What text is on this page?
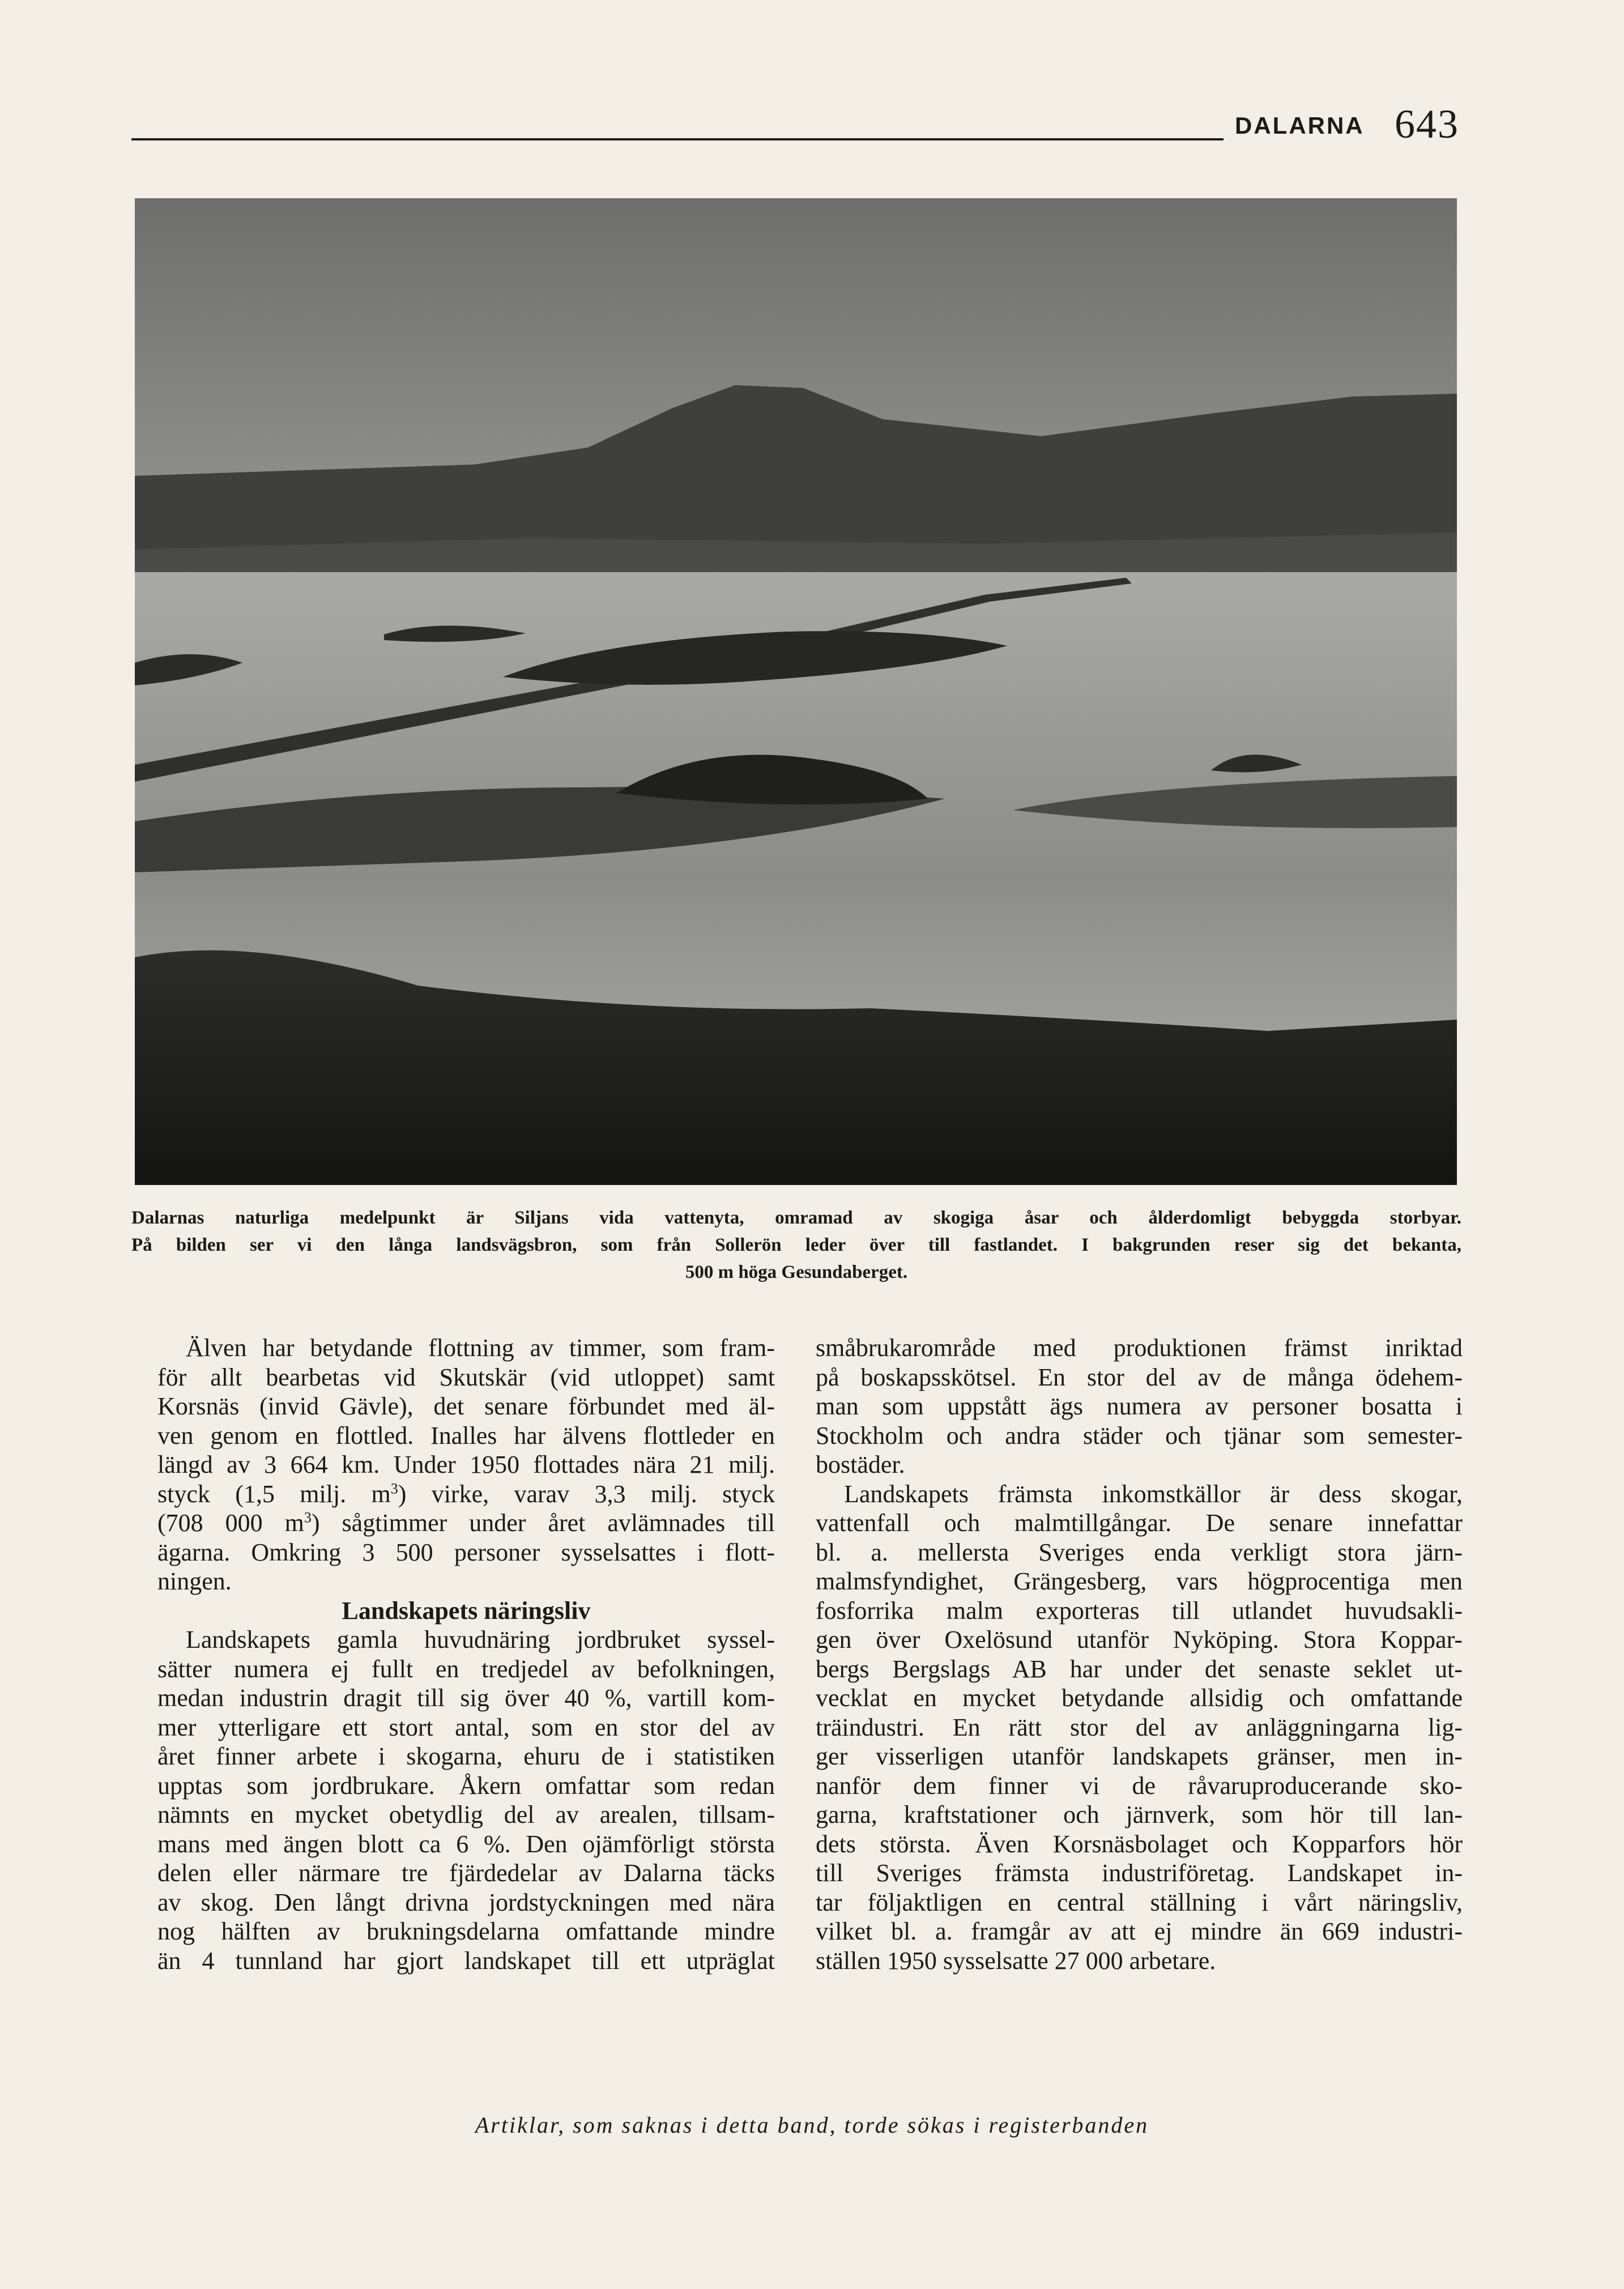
DALARNA 643
Dalarnas naturliga medelpunkt är Siljans vida vattenyta, omramad av skogiga åsar och ålderdomligt bebyggda storbyar.
På bilden ser vi den långa landsvägsbron, som från Sollerön leder över till fastlandet. I bakgrunden reser sig det bekanta,
500 m höga Gesundaberget.
Älven har betydande flottning av timmer, som fram-
för allt bearbetas vid Skutskär (vid utloppet) samt
Korsnäs (invid Gävle), det senare förbundet med äl-
ven genom en flottled. Inalles har älvens flottleder en
längd av 3 664 km. Under 1950 flottades nära 21 milj.
styck (1,5 milj. $m^3$) virke, varav 3,3 milj. styck
(708 000 $m^3$) sågtimmer under året avlämnades till
ägarna. Omkring 3 500 personer sysselsattes i flott-
ningen.
Landskapets näringsliv
Landskapets gamla huvudnäring jordbruket syssel-
sätter numera ej fullt en tredjedel av befolkningen,
medan industrin dragit till sig över 40 %, vartill kom-
mer ytterligare ett stort antal, som en stor del av
året finner arbete i skogarna, ehuru de i statistiken
upptas som jordbrukare. Åkern omfattar som redan
nämnts en mycket obetydlig del av arealen, tillsam-
mans med ängen blott ca 6 %. Den ojämförligt största
delen eller närmare tre fjärdedelar av Dalarna täcks
av skog. Den långt drivna jordstyckningen med nära
nog hälften av brukningsdelarna omfattande mindre
än 4 tunnland har gjort landskapet till ett utpräglat
småbrukarområde med produktionen främst inriktad
på boskapsskötsel. En stor del av de många ödehem-
man som uppstått ägs numera av personer bosatta i
Stockholm och andra städer och tjänar som semester-
bostäder.
Landskapets främsta inkomstkällor är dess skogar,
vattenfall och malmtillgångar. De senare innefattar
bl. a. mellersta Sveriges enda verkligt stora järn-
malmsfyndighet, Grängesberg, vars högprocentiga men
fosforrika malm exporteras till utlandet huvudsakli-
gen över Oxelösund utanför Nyköping. Stora Koppar-
bergs Bergslags AB har under det senaste seklet ut-
vecklat en mycket betydande allsidig och omfattande
träindustri. En rätt stor del av anläggningarna lig-
ger visserligen utanför landskapets gränser, men in-
nanför dem finner vi de råvaruproducerande sko-
garna, kraftstationer och järnverk, som hör till lan-
dets största. Även Korsnäsbolaget och Kopparfors hör
till Sveriges främsta industriföretag. Landskapet in-
tar följaktligen en central ställning i vårt näringsliv,
vilket bl. a. framgår av att ej mindre än 669 industri-
ställen 1950 sysselsatte 27 000 arbetare.
Artiklar, som saknas i detta band, torde sökas i registerbanden
